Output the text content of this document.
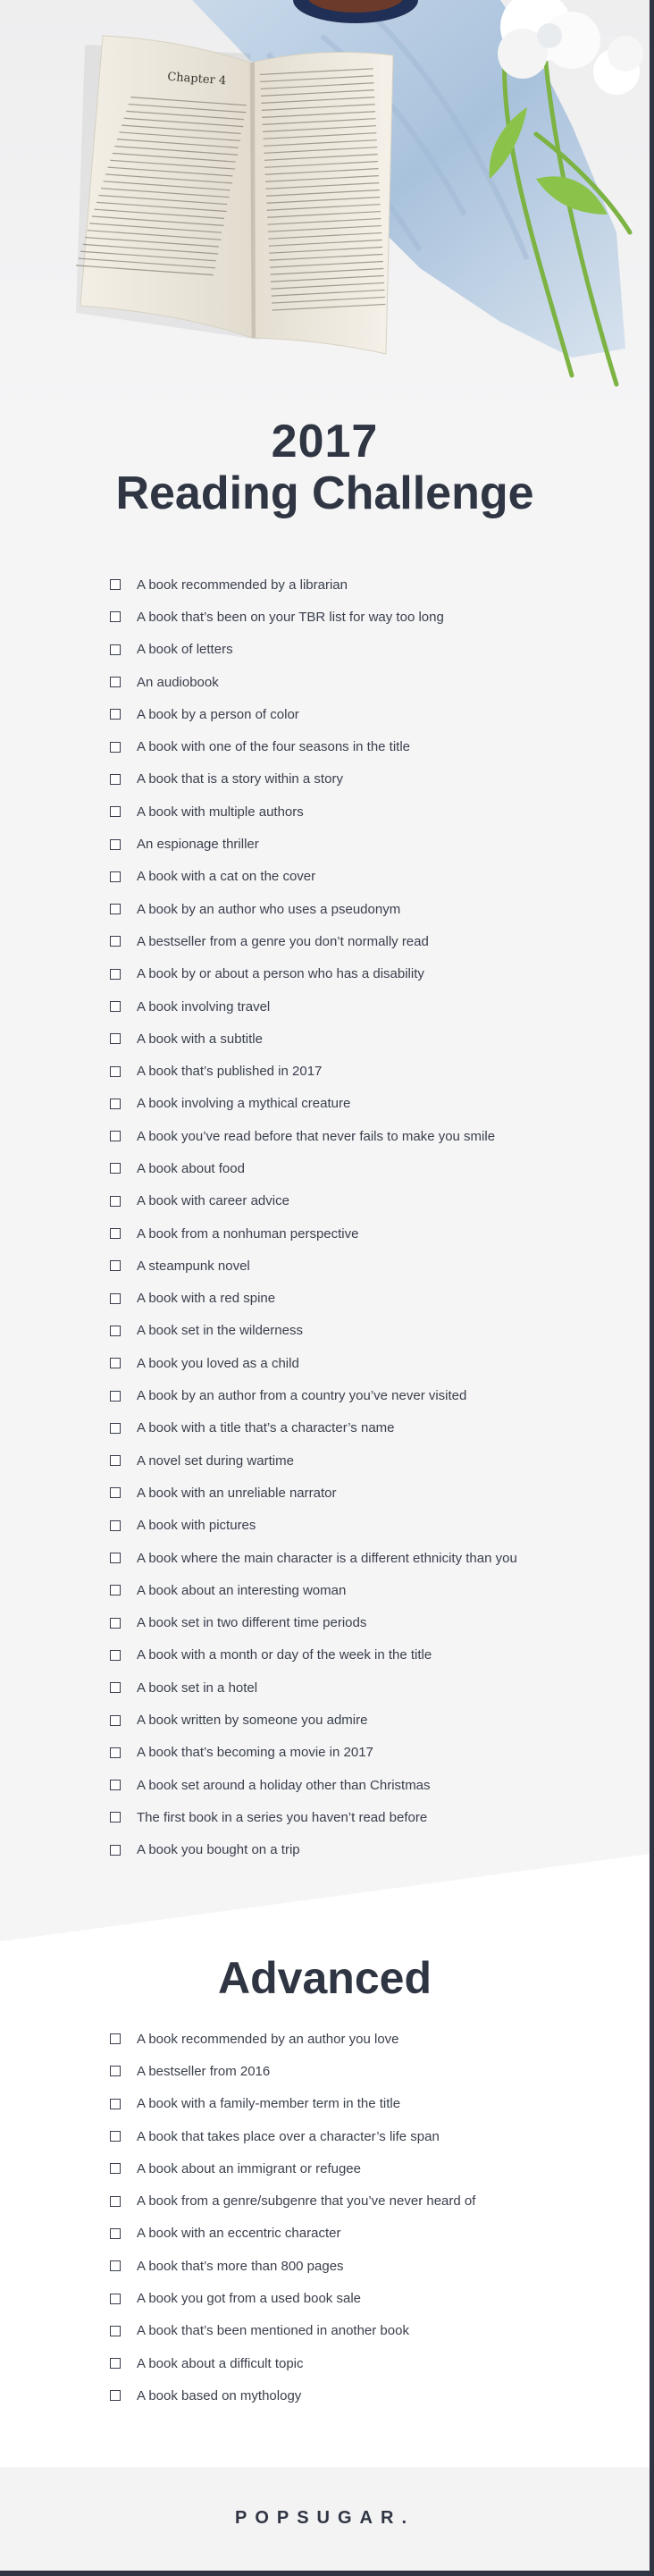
Chapter 4
2017
Reading Challenge
A book recommended by a librarian
A book that’s been on your TBR list for way too long
A book of letters
An audiobook
A book by a person of color
A book with one of the four seasons in the title
A book that is a story within a story
A book with multiple authors
An espionage thriller
A book with a cat on the cover
A book by an author who uses a pseudonym
A bestseller from a genre you don’t normally read
A book by or about a person who has a disability
A book involving travel
A book with a subtitle
A book that’s published in 2017
A book involving a mythical creature
A book you’ve read before that never fails to make you smile
A book about food
A book with career advice
A book from a nonhuman perspective
A steampunk novel
A book with a red spine
A book set in the wilderness
A book you loved as a child
A book by an author from a country you’ve never visited
A book with a title that’s a character’s name
A novel set during wartime
A book with an unreliable narrator
A book with pictures
A book where the main character is a different ethnicity than you
A book about an interesting woman
A book set in two different time periods
A book with a month or day of the week in the title
A book set in a hotel
A book written by someone you admire
A book that’s becoming a movie in 2017
A book set around a holiday other than Christmas
The first book in a series you haven’t read before
A book you bought on a trip
Advanced
A book recommended by an author you love
A bestseller from 2016
A book with a family-member term in the title
A book that takes place over a character’s life span
A book about an immigrant or refugee
A book from a genre/subgenre that you’ve never heard of
A book with an eccentric character
A book that’s more than 800 pages
A book you got from a used book sale
A book that’s been mentioned in another book
A book about a difficult topic
A book based on mythology
POPSUGAR.
